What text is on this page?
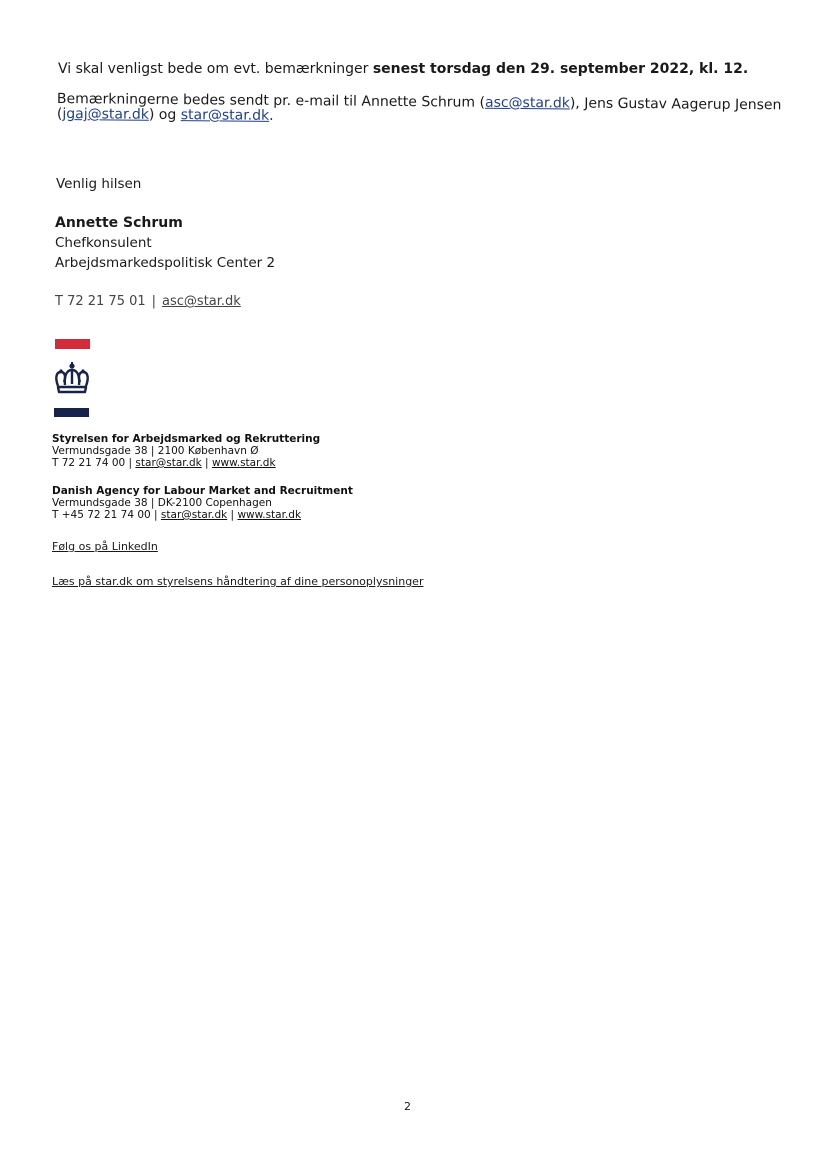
Vi skal venligst bede om evt. bemærkninger senest torsdag den 29. september 2022, kl. 12.
Bemærkningerne bedes sendt pr. e-mail til Annette Schrum (asc@star.dk), Jens Gustav Aagerup Jensen
(jgaj@star.dk) og star@star.dk.
Venlig hilsen
Annette Schrum
Chefkonsulent
Arbejdsmarkedspolitisk Center 2
T 72 21 75 01 | asc@star.dk
Styrelsen for Arbejdsmarked og Rekruttering
Vermundsgade 38 | 2100 København Ø
T 72 21 74 00 | star@star.dk | www.star.dk
Danish Agency for Labour Market and Recruitment
Vermundsgade 38 | DK-2100 Copenhagen
T +45 72 21 74 00 | star@star.dk | www.star.dk
Følg os på LinkedIn
Læs på star.dk om styrelsens håndtering af dine personoplysninger
2
